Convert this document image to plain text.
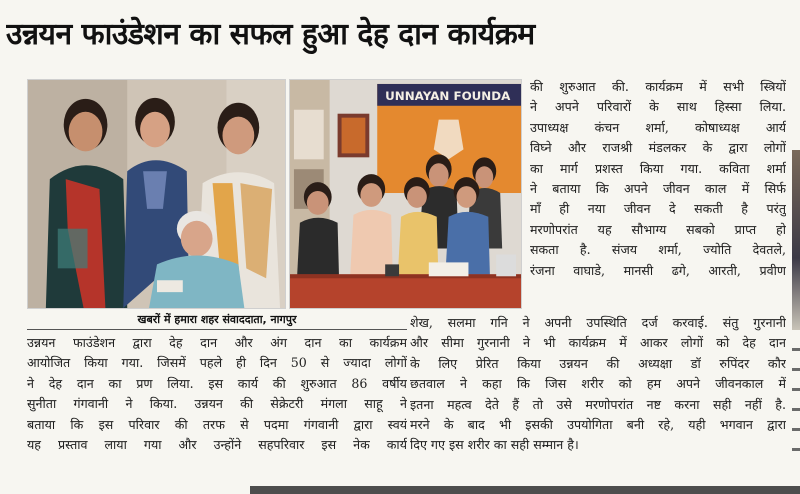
उन्नयन फाउंडेशन का सफल हुआ देह दान कार्यक्रम
UNNAYAN FOUNDA
खबरों में हमारा शहर संवाददाता, नागपुर
की शुरुआत की. कार्यक्रम में सभी स्त्रियों
ने अपने परिवारों के साथ हिस्सा लिया.
उपाध्यक्ष कंचन शर्मा, कोषाध्यक्ष आर्य
विघ्ने और राजश्री मंडलकर के द्वारा लोगों
का मार्ग प्रशस्त किया गया. कविता शर्मा
ने बताया कि अपने जीवन काल में सिर्फ
माँ ही नया जीवन दे सकती है परंतु
मरणोपरांत यह सौभाग्य सबको प्राप्त हो
सकता है. संजय शर्मा, ज्योति देवतले,
रंजना वाघाडे, मानसी ढगे, आरती, प्रवीण
उन्नयन फाउंडेशन द्वारा देह दान और अंग दान का कार्यक्रम
आयोजित किया गया. जिसमें पहले ही दिन 50 से ज्यादा लोगों
ने देह दान का प्रण लिया. इस कार्य की शुरुआत 86 वर्षीय
सुनीता गंगवानी ने किया. उन्नयन की सेक्रेटरी मंगला साहू ने
बताया कि इस परिवार की तरफ से पदमा गंगवानी द्वारा स्वयं
यह प्रस्ताव लाया गया और उन्होंने सहपरिवार इस नेक कार्य
शेख, सलमा गनि ने अपनी उपस्थिति दर्ज करवाई. संतु गुरनानी
और सीमा गुरनानी ने भी कार्यक्रम में आकर लोगों को देह दान
के लिए प्रेरित किया उन्नयन की अध्यक्षा डॉ रुपिंदर कौर
छतवाल ने कहा कि जिस शरीर को हम अपने जीवनकाल में
इतना महत्व देते हैं तो उसे मरणोपरांत नष्ट करना सही नहीं है.
मरने के बाद भी इसकी उपयोगिता बनी रहे, यही भगवान द्वारा
दिए गए इस शरीर का सही सम्मान है।
